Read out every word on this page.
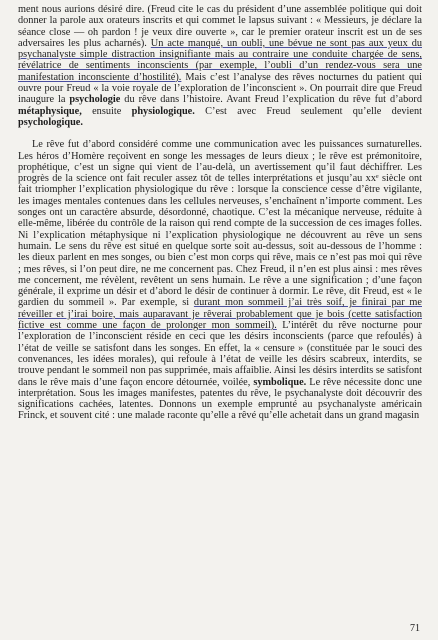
ment nous aurions désiré dire. (Freud cite le cas du président d’une assemblée politique qui doit donner la parole aux orateurs inscrits et qui commet le lapsus suivant : « Messieurs, je déclare la séance close — oh pardon ! je veux dire ouverte », car le premier orateur inscrit est un de ses adversaires les plus acharnés). Un acte manqué, un oubli, une bévue ne sont pas aux yeux du psychanalyste simple distraction insignifiante mais au contraire une conduite chargée de sens, révélatrice de sentiments inconscients (par exemple, l’oubli d’un rendez-vous sera une manifestation inconsciente d’hostilité). Mais c’est l’analyse des rêves nocturnes du patient qui ouvre pour Freud « la voie royale de l’exploration de l’inconscient ». On pourrait dire que Freud inaugure la psychologie du rêve dans l’histoire. Avant Freud l’explication du rêve fut d’abord métaphysique, ensuite physiologique. C’est avec Freud seulement qu’elle devient psychologique.

Le rêve fut d’abord considéré comme une communication avec les puissances surnaturelles. Les héros d’Homère reçoivent en songe les messages de leurs dieux ; le rêve est prémonitoire, prophétique, c’est un signe qui vient de l’au-delà, un avertissement qu’il faut déchiffrer. Les progrès de la science ont fait reculer assez tôt de telles interprétations et jusqu’au xxᵉ siècle ont fait triompher l’explication physiologique du rêve : lorsque la conscience cesse d’être vigilante, les images mentales contenues dans les cellules nerveuses, s’enchaînent n’importe comment. Les songes ont un caractère absurde, désordonné, chaotique. C’est la mécanique nerveuse, réduite à elle-même, libérée du contrôle de la raison qui rend compte de la succession de ces images folles. Ni l’explication métaphysique ni l’explication physiologique ne découvrent au rêve un sens humain. Le sens du rêve est situé en quelque sorte soit au-dessus, soit au-dessous de l’homme : les dieux parlent en mes songes, ou bien c’est mon corps qui rêve, mais ce n’est pas moi qui rêve ; mes rêves, si l’on peut dire, ne me concernent pas. Chez Freud, il n’en est plus ainsi : mes rêves me concernent, me révèlent, revêtent un sens humain. Le rêve a une signification ; d’une façon générale, il exprime un désir et d’abord le désir de continuer à dormir. Le rêve, dit Freud, est « le gardien du sommeil ». Par exemple, si durant mon sommeil j’ai très soif, je finirai par me réveiller et j’irai boire, mais auparavant je rêverai probablement que je bois (cette satisfaction fictive est comme une façon de prolonger mon sommeil). L’intérêt du rêve nocturne pour l’exploration de l’inconscient réside en ceci que les désirs inconscients (parce que refoulés) à l’état de veille se satisfont dans les songes. En effet, la « censure » (constituée par le souci des convenances, les idées morales), qui refoule à l’état de veille les désirs scabreux, interdits, se trouve pendant le sommeil non pas supprimée, mais affaiblie. Ainsi les désirs interdits se satisfont dans le rêve mais d’une façon encore détournée, voilée, symbolique. Le rêve nécessite donc une interprétation. Sous les images manifestes, patentes du rêve, le psychanalyste doit découvrir des significations cachées, latentes. Donnons un exemple emprunté au psychanalyste américain Frinck, et souvent cité : une malade raconte qu’elle a rêvé qu’elle achetait dans un grand magasin

71
